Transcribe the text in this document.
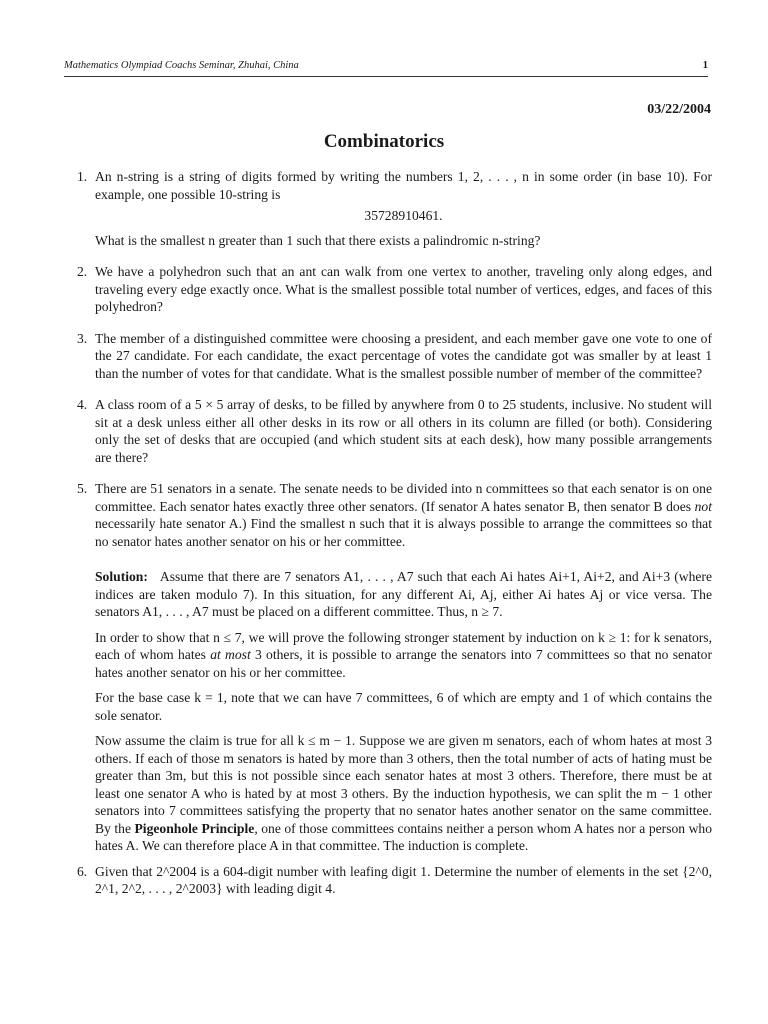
Mathematics Olympiad Coachs Seminar, Zhuhai, China	1
03/22/2004
Combinatorics
1. An n-string is a string of digits formed by writing the numbers 1, 2, . . . , n in some order (in base 10). For example, one possible 10-string is

35728910461.

What is the smallest n greater than 1 such that there exists a palindromic n-string?

2. We have a polyhedron such that an ant can walk from one vertex to another, traveling only along edges, and traveling every edge exactly once. What is the smallest possible total number of vertices, edges, and faces of this polyhedron?

3. The member of a distinguished committee were choosing a president, and each member gave one vote to one of the 27 candidate. For each candidate, the exact percentage of votes the candidate got was smaller by at least 1 than the number of votes for that candidate. What is the smallest possible number of member of the committee?

4. A class room of a 5 × 5 array of desks, to be filled by anywhere from 0 to 25 students, inclusive. No student will sit at a desk unless either all other desks in its row or all others in its column are filled (or both). Considering only the set of desks that are occupied (and which student sits at each desk), how many possible arrangements are there?

5. There are 51 senators in a senate. The senate needs to be divided into n committees so that each senator is on one committee. Each senator hates exactly three other senators. (If senator A hates senator B, then senator B does not necessarily hate senator A.) Find the smallest n such that it is always possible to arrange the committees so that no senator hates another senator on his or her committee.

Solution: Assume that there are 7 senators A1, . . . , A7 such that each Ai hates Ai+1, Ai+2, and Ai+3 (where indices are taken modulo 7). In this situation, for any different Ai, Aj, either Ai hates Aj or vice versa. The senators A1, . . . , A7 must be placed on a different committee. Thus, n ≥ 7.

In order to show that n ≤ 7, we will prove the following stronger statement by induction on k ≥ 1: for k senators, each of whom hates at most 3 others, it is possible to arrange the senators into 7 committees so that no senator hates another senator on his or her committee.

For the base case k = 1, note that we can have 7 committees, 6 of which are empty and 1 of which contains the sole senator.

Now assume the claim is true for all k ≤ m − 1. Suppose we are given m senators, each of whom hates at most 3 others. If each of those m senators is hated by more than 3 others, then the total number of acts of hating must be greater than 3m, but this is not possible since each senator hates at most 3 others. Therefore, there must be at least one senator A who is hated by at most 3 others. By the induction hypothesis, we can split the m − 1 other senators into 7 committees satisfying the property that no senator hates another senator on the same committee. By the Pigeonhole Principle, one of those committees contains neither a person whom A hates nor a person who hates A. We can therefore place A in that committee. The induction is complete.

6. Given that 2^2004 is a 604-digit number with leafing digit 1. Determine the number of elements in the set {2^0, 2^1, 2^2, . . . , 2^2003} with leading digit 4.
